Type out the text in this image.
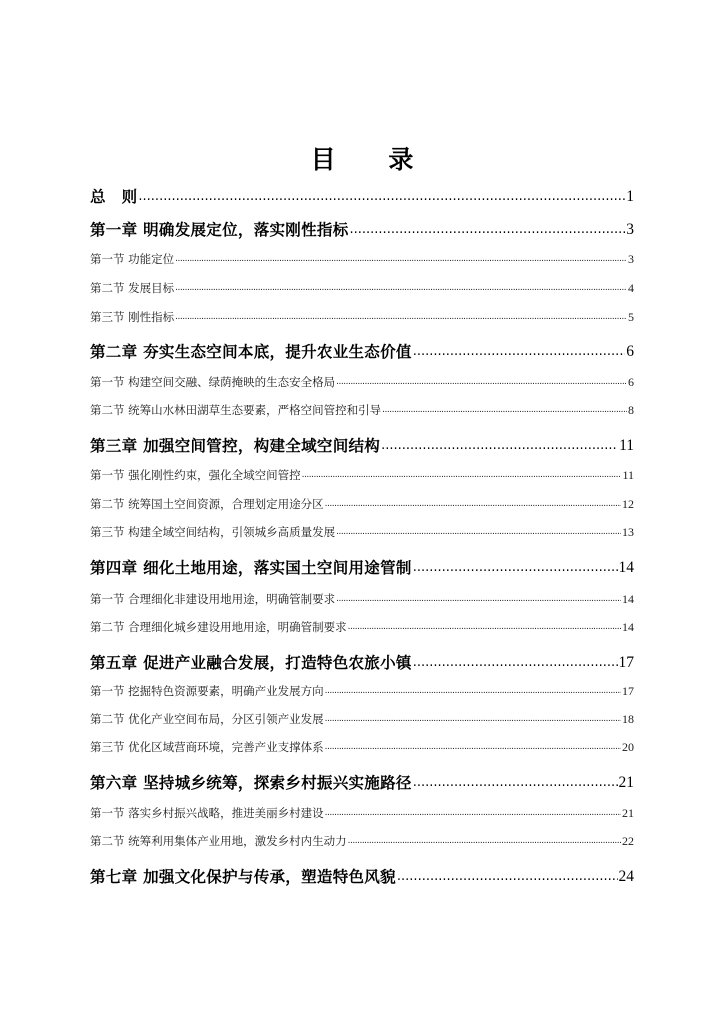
目 录
总　则 .....	1
第一章 明确发展定位，落实刚性指标 .....	3
第一节 功能定位 .....	3
第二节 发展目标 .....	4
第三节 刚性指标 .....	5
第二章 夯实生态空间本底，提升农业生态价值 .....	6
第一节 构建空间交融、绿荫掩映的生态安全格局 .....	6
第二节 统筹山水林田湖草生态要素，严格空间管控和引导 .....	8
第三章 加强空间管控，构建全域空间结构 .....	11
第一节 强化刚性约束，强化全域空间管控 .....	11
第二节 统筹国土空间资源，合理划定用途分区 .....	12
第三节 构建全域空间结构，引领城乡高质量发展 .....	13
第四章 细化土地用途，落实国土空间用途管制 .....	14
第一节 合理细化非建设用地用途，明确管制要求 .....	14
第二节 合理细化城乡建设用地用途，明确管制要求 .....	14
第五章 促进产业融合发展，打造特色农旅小镇 .....	17
第一节 挖掘特色资源要素，明确产业发展方向 .....	17
第二节 优化产业空间布局，分区引领产业发展 .....	18
第三节 优化区域营商环境，完善产业支撑体系 .....	20
第六章 坚持城乡统筹，探索乡村振兴实施路径 .....	21
第一节 落实乡村振兴战略，推进美丽乡村建设 .....	21
第二节 统筹利用集体产业用地，激发乡村内生动力 .....	22
第七章 加强文化保护与传承，塑造特色风貌 .....	24
